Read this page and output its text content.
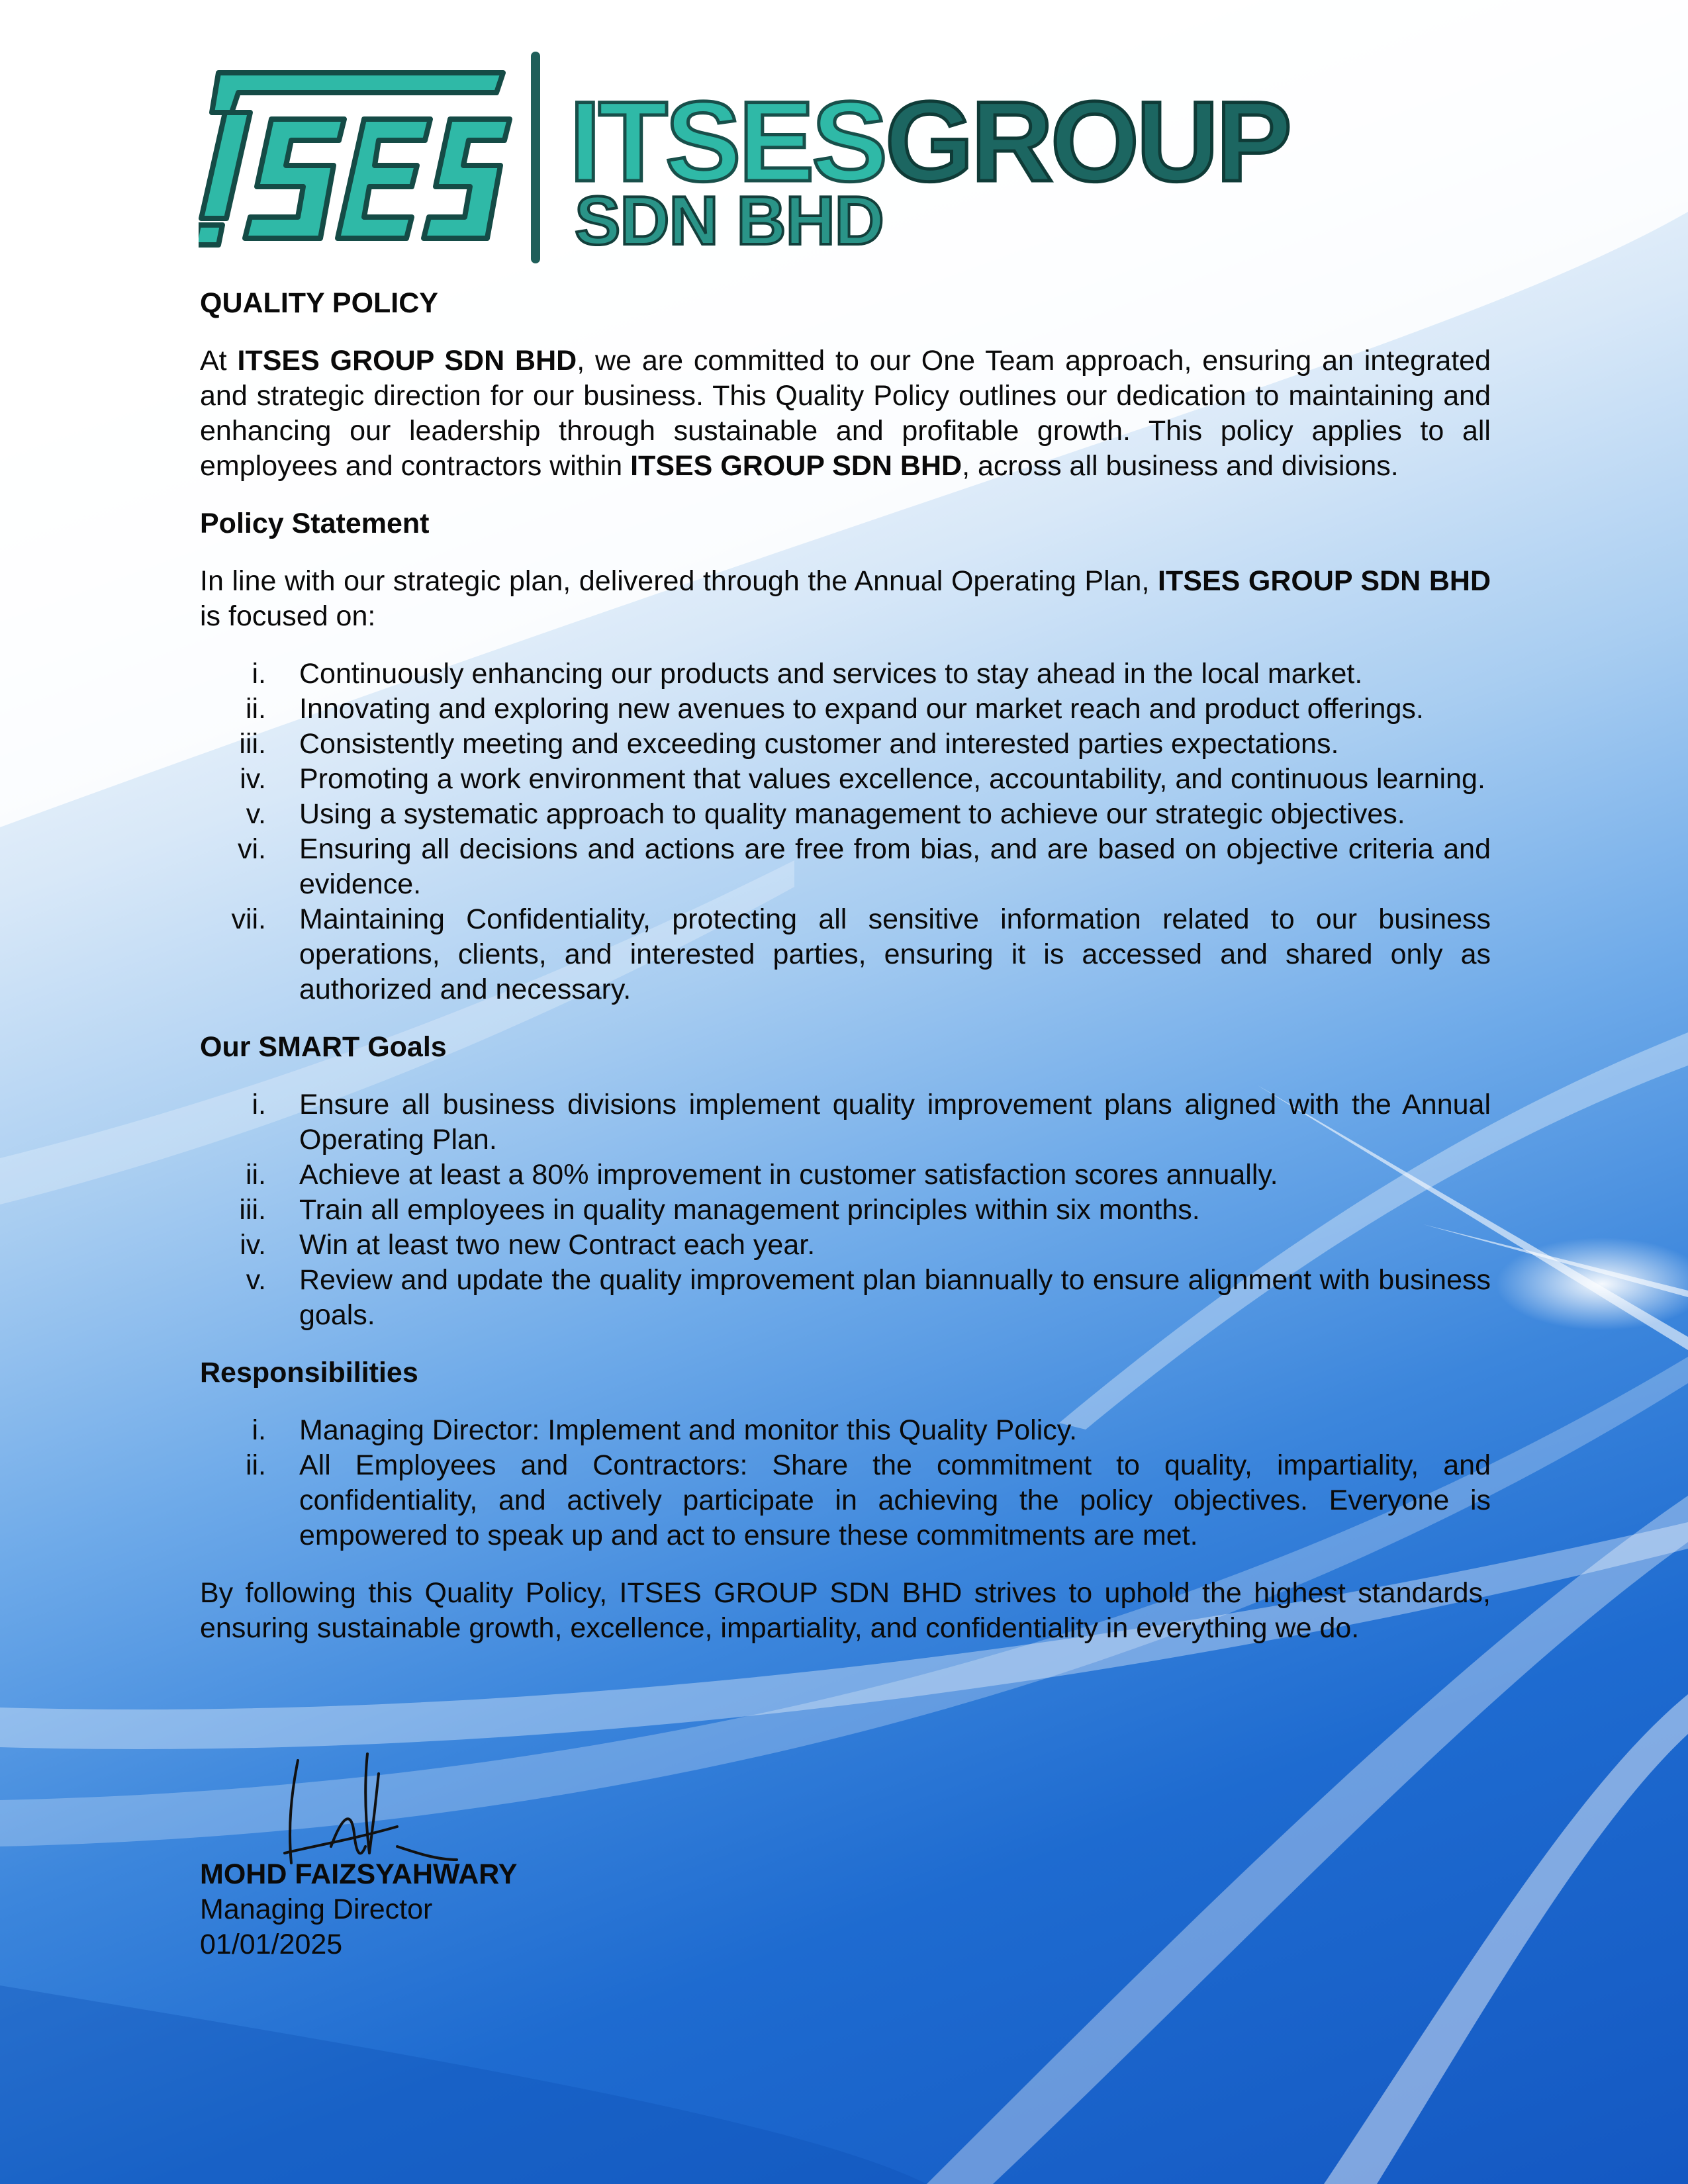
ITSESGROUP
SDN BHD

QUALITY POLICY

At ITSES GROUP SDN BHD, we are committed to our One Team approach, ensuring an integrated and strategic direction for our business. This Quality Policy outlines our dedication to maintaining and enhancing our leadership through sustainable and profitable growth. This policy applies to all employees and contractors within ITSES GROUP SDN BHD, across all business and divisions.

Policy Statement

In line with our strategic plan, delivered through the Annual Operating Plan, ITSES GROUP SDN BHD is focused on:

i. Continuously enhancing our products and services to stay ahead in the local market.
ii. Innovating and exploring new avenues to expand our market reach and product offerings.
iii. Consistently meeting and exceeding customer and interested parties expectations.
iv. Promoting a work environment that values excellence, accountability, and continuous learning.
v. Using a systematic approach to quality management to achieve our strategic objectives.
vi. Ensuring all decisions and actions are free from bias, and are based on objective criteria and evidence.
vii. Maintaining Confidentiality, protecting all sensitive information related to our business operations, clients, and interested parties, ensuring it is accessed and shared only as authorized and necessary.

Our SMART Goals

i. Ensure all business divisions implement quality improvement plans aligned with the Annual Operating Plan.
ii. Achieve at least a 80% improvement in customer satisfaction scores annually.
iii. Train all employees in quality management principles within six months.
iv. Win at least two new Contract each year.
v. Review and update the quality improvement plan biannually to ensure alignment with business goals.

Responsibilities

i. Managing Director: Implement and monitor this Quality Policy.
ii. All Employees and Contractors: Share the commitment to quality, impartiality, and confidentiality, and actively participate in achieving the policy objectives. Everyone is empowered to speak up and act to ensure these commitments are met.

By following this Quality Policy, ITSES GROUP SDN BHD strives to uphold the highest standards, ensuring sustainable growth, excellence, impartiality, and confidentiality in everything we do.

MOHD FAIZSYAHWARY

Managing Director

01/01/2025
